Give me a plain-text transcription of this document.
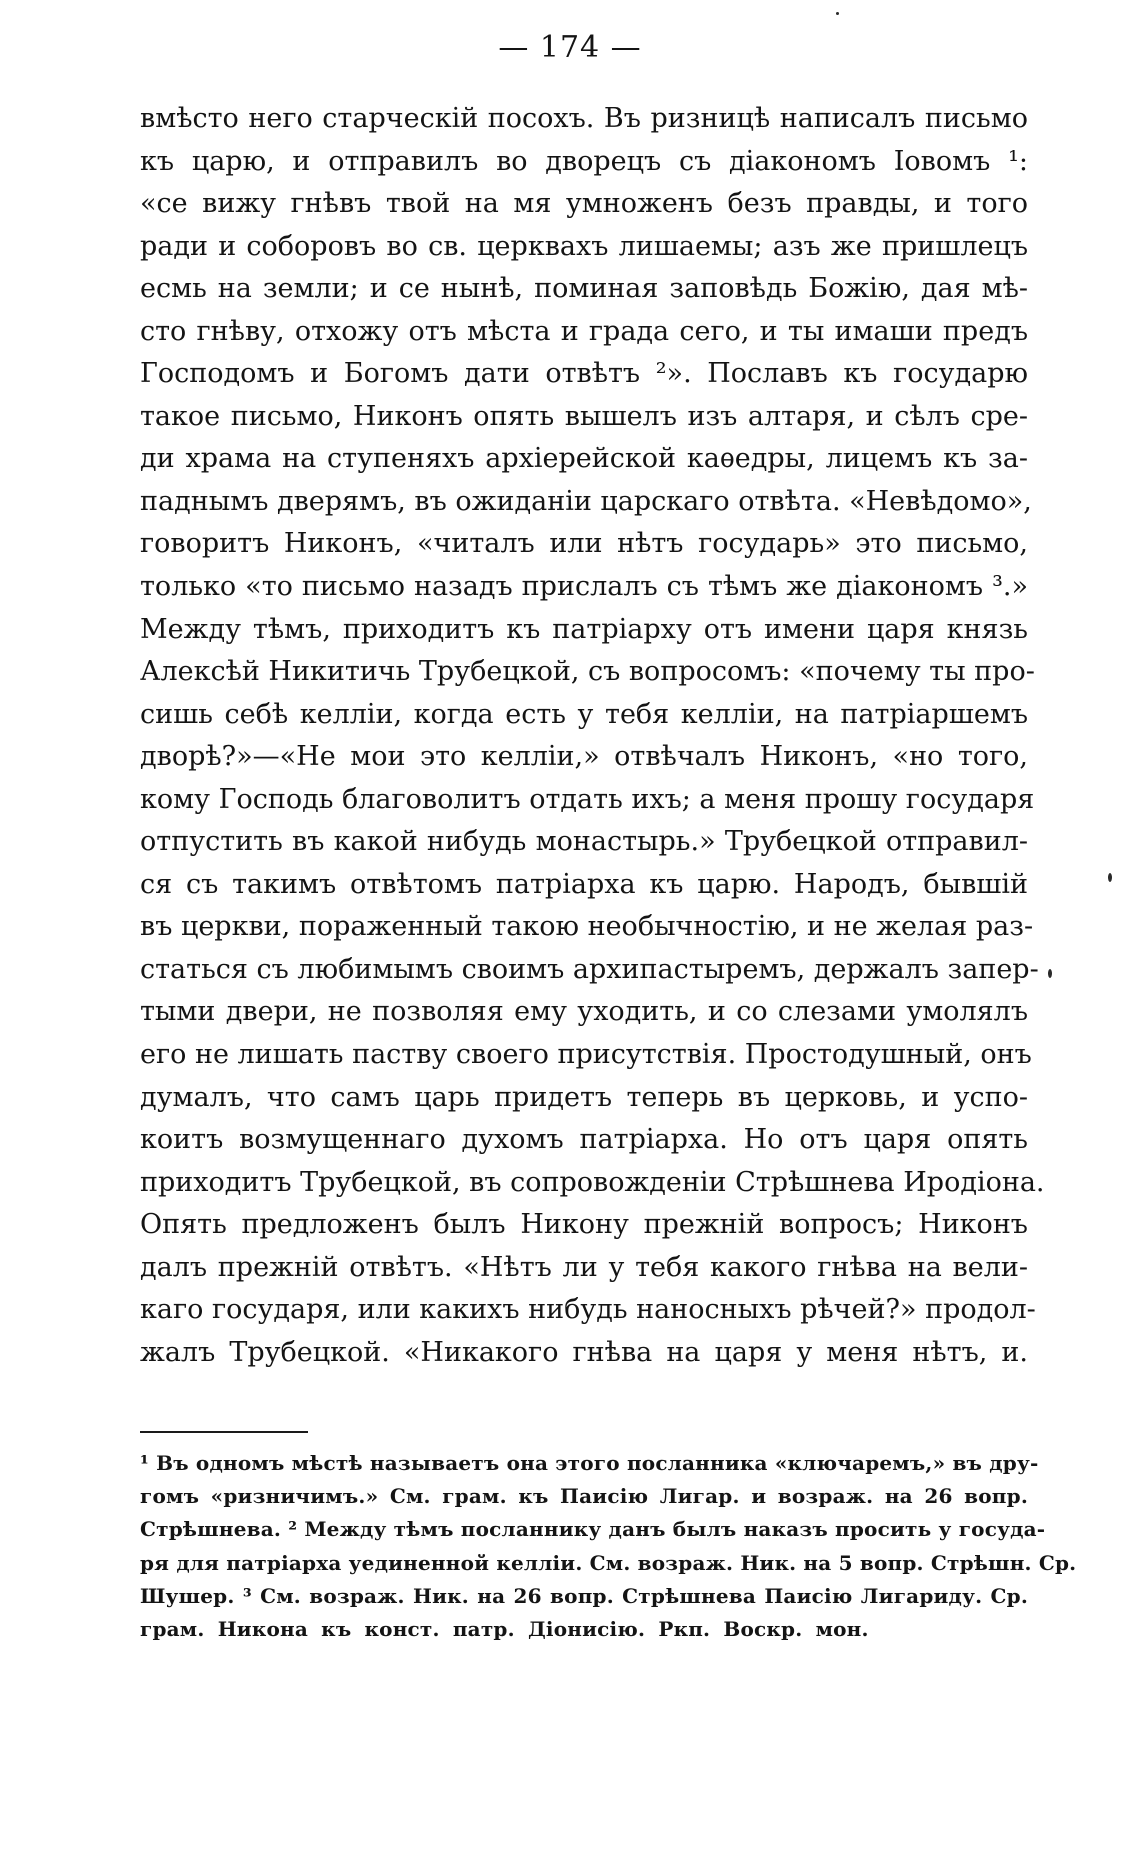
— 174 —
вмѣсто него старческій посохъ. Въ ризницѣ написалъ письмо
къ царю, и отправилъ во дворецъ съ діакономъ Іовомъ ¹:
«се вижу гнѣвъ твой на мя умноженъ безъ правды, и того
ради и соборовъ во св. церквахъ лишаемы; азъ же пришлецъ
есмь на земли; и се нынѣ, поминая заповѣдь Божію, дая мѣ-
сто гнѣву, отхожу отъ мѣста и града сего, и ты имаши предъ
Господомъ и Богомъ дати отвѣтъ ²». Пославъ къ государю
такое письмо, Никонъ опять вышелъ изъ алтаря, и сѣлъ сре-
ди храма на ступеняхъ архіерейской каѳедры, лицемъ къ за-
паднымъ дверямъ, въ ожиданіи царскаго отвѣта. «Невѣдомо»,
говоритъ Никонъ, «читалъ или нѣтъ государь» это письмо,
только «то письмо назадъ прислалъ съ тѣмъ же діакономъ ³.»
Между тѣмъ, приходитъ къ патріарху отъ имени царя князь
Алексѣй Никитичь Трубецкой, съ вопросомъ: «почему ты про-
сишь себѣ келліи, когда есть у тебя келліи, на патріаршемъ
дворѣ?»—«Не мои это келліи,» отвѣчалъ Никонъ, «но того,
кому Господь благоволитъ отдать ихъ; а меня прошу государя
отпустить въ какой нибудь монастырь.» Трубецкой отправил-
ся съ такимъ отвѣтомъ патріарха къ царю. Народъ, бывшій
въ церкви, пораженный такою необычностію, и не желая раз-
статься съ любимымъ своимъ архипастыремъ, держалъ запер-
тыми двери, не позволяя ему уходить, и со слезами умолялъ
его не лишать паству своего присутствія. Простодушный, онъ
думалъ, что самъ царь придетъ теперь въ церковь, и успо-
коитъ возмущеннаго духомъ патріарха. Но отъ царя опять
приходитъ Трубецкой, въ сопровожденіи Стрѣшнева Иродіона.
Опять предложенъ былъ Никону прежній вопросъ; Никонъ
далъ прежній отвѣтъ. «Нѣтъ ли у тебя какого гнѣва на вели-
каго государя, или какихъ нибудь наносныхъ рѣчей?» продол-
жалъ Трубецкой. «Никакого гнѣва на царя у меня нѣтъ, и.
¹ Въ одномъ мѣстѣ называетъ она этого посланника «ключаремъ,» въ дру-
гомъ «ризничимъ.» См. грам. къ Паисію Лигар. и возраж. на 26 вопр.
Стрѣшнева. ² Между тѣмъ посланнику данъ былъ наказъ просить у госуда-
ря для патріарха уединенной келліи. См. возраж. Ник. на 5 вопр. Стрѣшн. Ср.
Шушер. ³ См. возраж. Ник. на 26 вопр. Стрѣшнева Паисію Лигариду. Ср.
грам. Никона къ конст. патр. Діонисію. Ркп. Воскр. мон.
